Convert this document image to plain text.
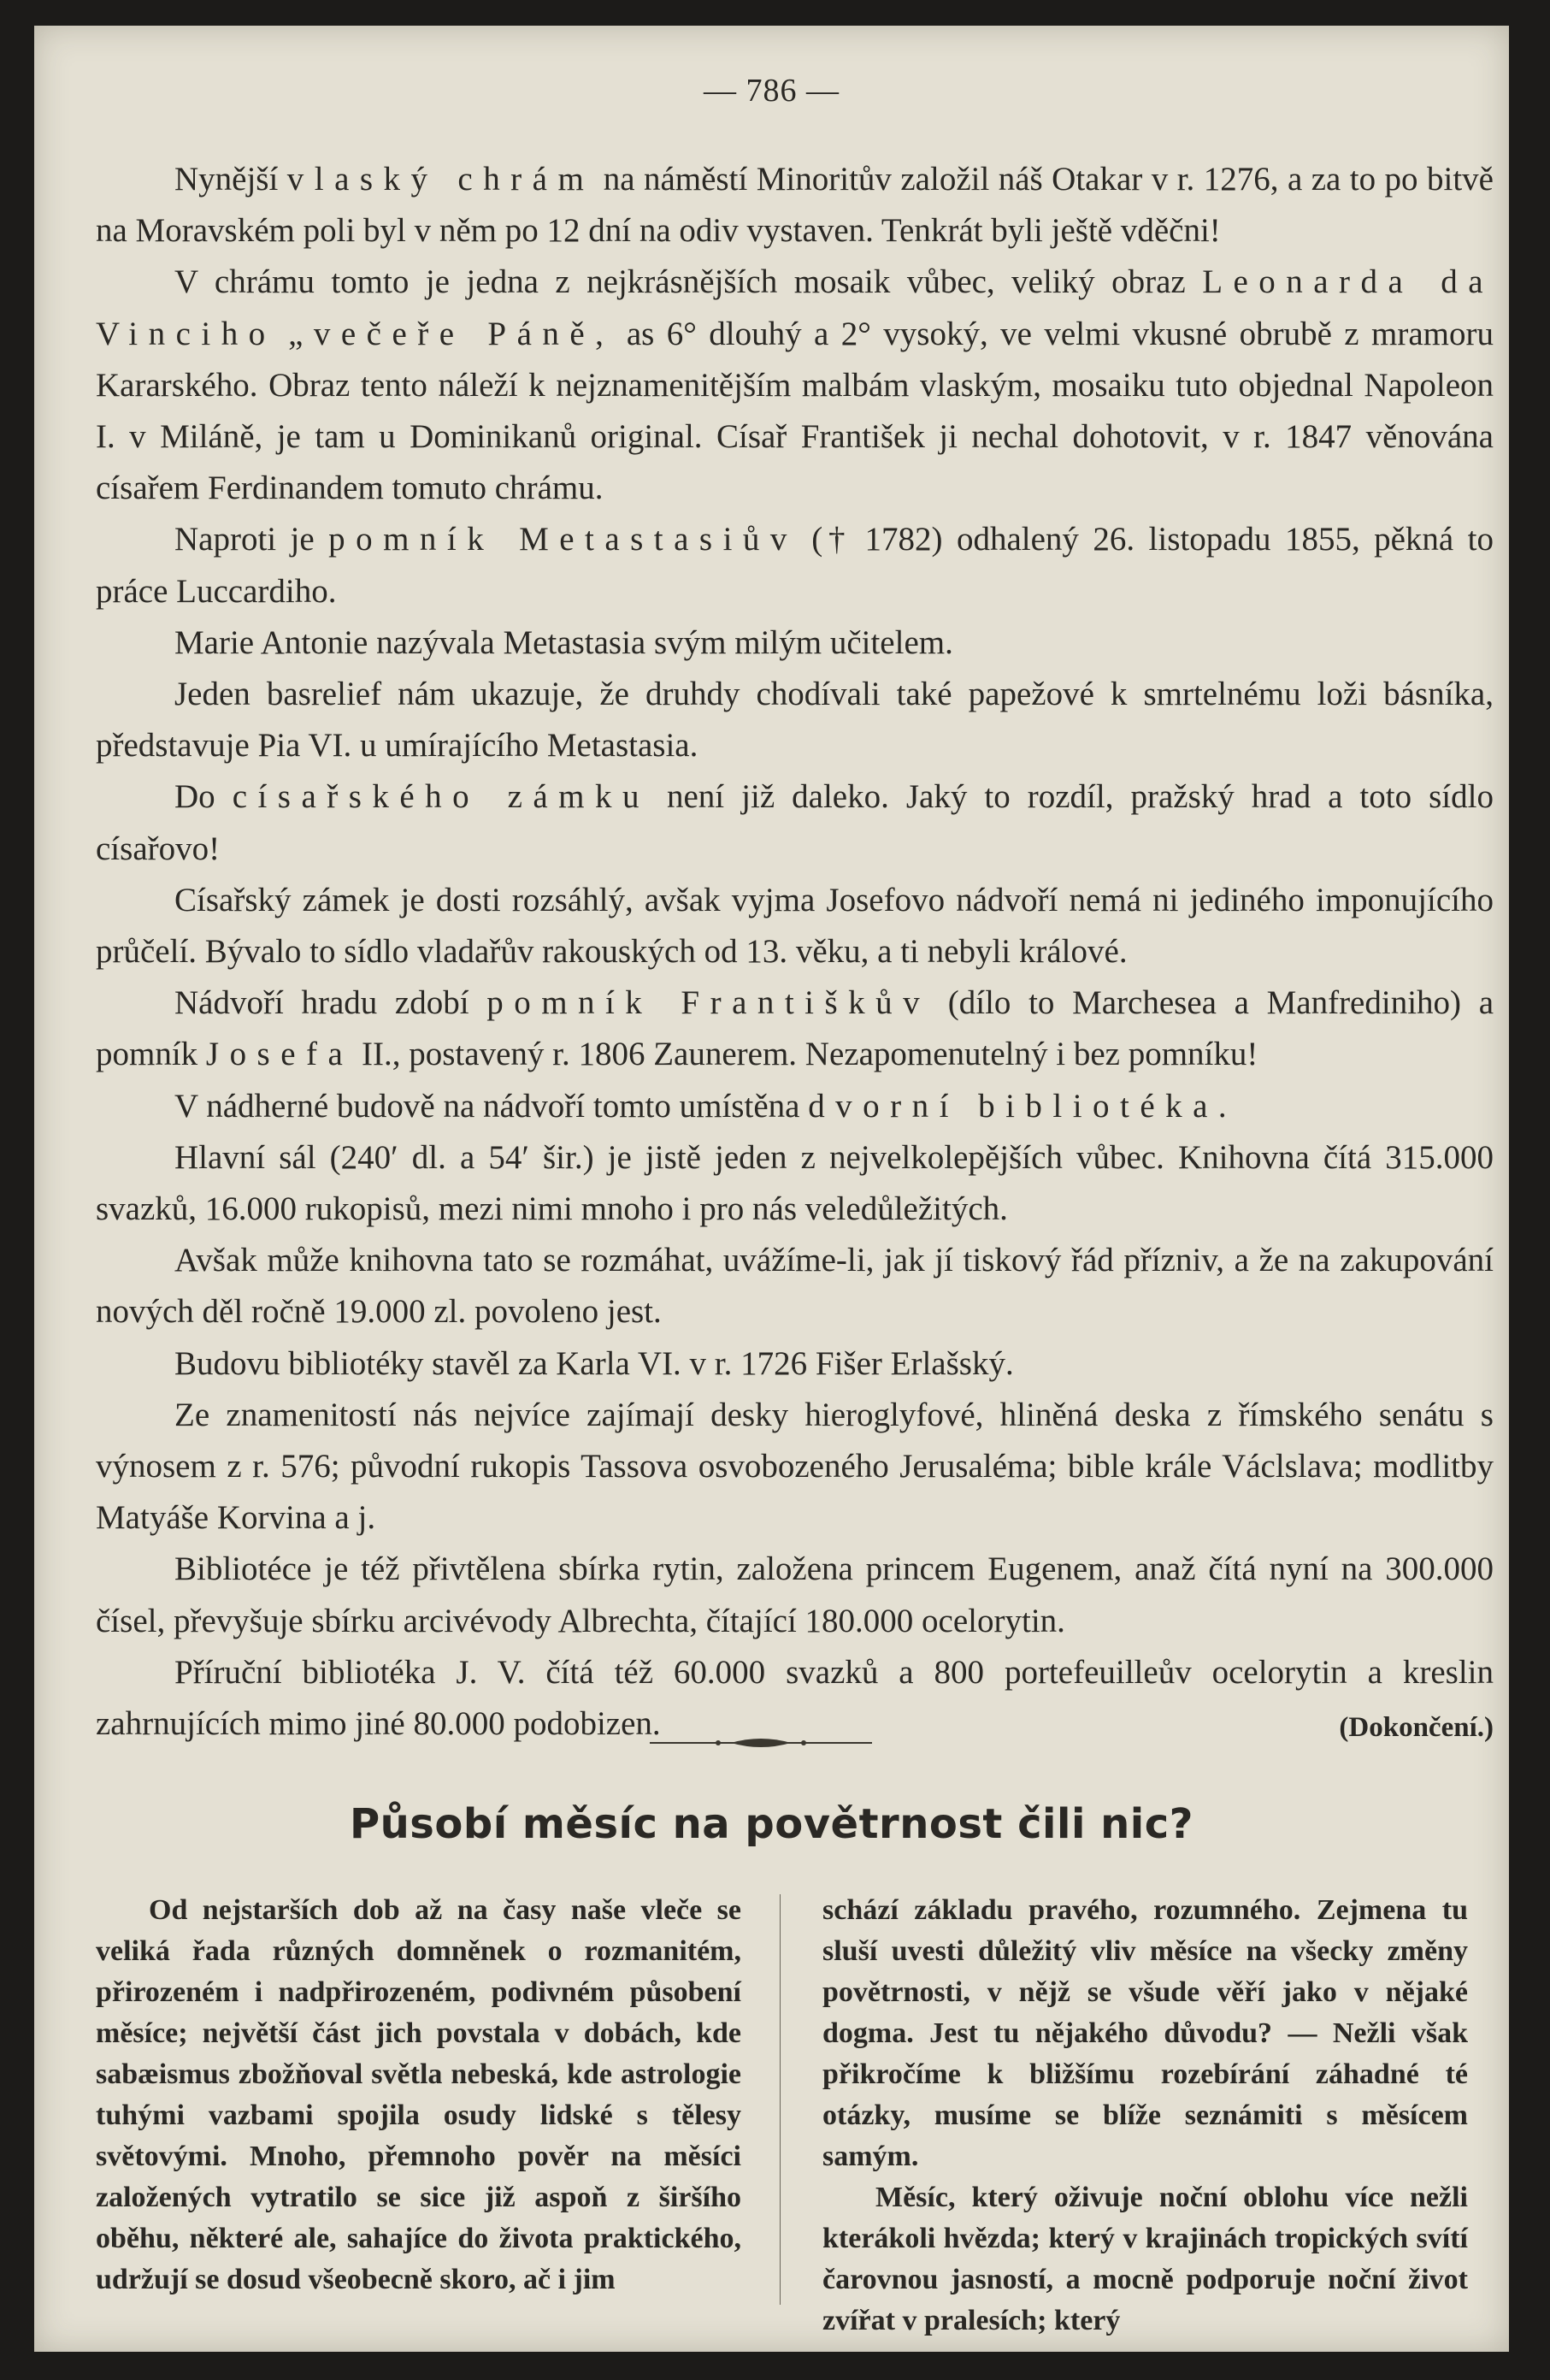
— 786 —

Nynější vlaský chrám na náměstí Minoritův založil náš Otakar v r. 1276, a za to po bitvě na Moravském poli byl v něm po 12 dní na odiv vystaven. Tenkrát byli ještě vděčni!

V chrámu tomto je jedna z nejkrásnějších mosaik vůbec, veliký obraz Leonarda da Vinciho „večeře Páně, as 6° dlouhý a 2° vysoký, ve velmi vkusné obrubě z mramoru Kararského. Obraz tento náleží k nejznamenitějším malbám vlaským, mosaiku tuto objednal Napoleon I. v Miláně, je tam u Dominikanů original. Císař František ji nechal dohotovit, v r. 1847 věnována císařem Ferdinandem tomuto chrámu.

Naproti je pomník Metastasiův († 1782) odhalený 26. listopadu 1855, pěkná to práce Luccardiho.

Marie Antonie nazývala Metastasia svým milým učitelem.

Jeden basrelief nám ukazuje, že druhdy chodívali také papežové k smrtelnému loži básníka, představuje Pia VI. u umírajícího Metastasia.

Do císařského zámku není již daleko. Jaký to rozdíl, pražský hrad a toto sídlo císařovo!

Císařský zámek je dosti rozsáhlý, avšak vyjma Josefovo nádvoří nemá ni jediného imponujícího průčelí. Bývalo to sídlo vladařův rakouských od 13. věku, a ti nebyli králové.

Nádvoří hradu zdobí pomník Františkův (dílo to Marchesea a Manfrediniho) a pomník Josefa II., postavený r. 1806 Zaunerem. Nezapomenutelný i bez pomníku!

V nádherné budově na nádvoří tomto umístěna dvorní bibliotéka.

Hlavní sál (240′ dl. a 54′ šir.) je jistě jeden z nejvelkolepějších vůbec. Knihovna čítá 315.000 svazků, 16.000 rukopisů, mezi nimi mnoho i pro nás veledůležitých.

Avšak může knihovna tato se rozmáhat, uvážíme-li, jak jí tiskový řád přízniv, a že na zakupování nových děl ročně 19.000 zl. povoleno jest.

Budovu bibliotéky stavěl za Karla VI. v r. 1726 Fišer Erlašský.

Ze znamenitostí nás nejvíce zajímají desky hieroglyfové, hliněná deska z římského senátu s výnosem z r. 576; původní rukopis Tassova osvobozeného Jerusaléma; bible krále Václslava; modlitby Matyáše Korvina a j.

Bibliotéce je též přivtělena sbírka rytin, založena princem Eugenem, anaž čítá nyní na 300.000 čísel, převyšuje sbírku arcivévody Albrechta, čítající 180.000 ocelorytin.

Příruční bibliotéka J. V. čítá též 60.000 svazků a 800 portefeuilleův ocelorytin a kreslin zahrnujících mimo jiné 80.000 podobizen.	(Dokončení.)

Působí měsíc na povětrnost čili nic?

Od nejstarších dob až na časy naše vleče se veliká řada různých domněnek o rozmanitém, přirozeném i nadpřirozeném, podivném působení měsíce; největší část jich povstala v dobách, kde sabæismus zbožňoval světla nebeská, kde astrologie tuhými vazbami spojila osudy lidské s tělesy světovými. Mnoho, přemnoho pověr na měsíci založených vytratilo se sice již aspoň z širšího oběhu, některé ale, sahajíce do života praktického, udržují se dosud všeobecně skoro, ač i jim

schází základu pravého, rozumného. Zejmena tu sluší uvesti důležitý vliv měsíce na všecky změny povětrnosti, v nějž se všude věří jako v nějaké dogma. Jest tu nějakého důvodu? — Nežli však přikročíme k bližšímu rozebírání záhadné té otázky, musíme se blíže seznámiti s měsícem samým.

Měsíc, který oživuje noční oblohu více nežli kterákoli hvězda; který v krajinách tropických svítí čarovnou jasností, a mocně podporuje noční život zvířat v pralesích; který
